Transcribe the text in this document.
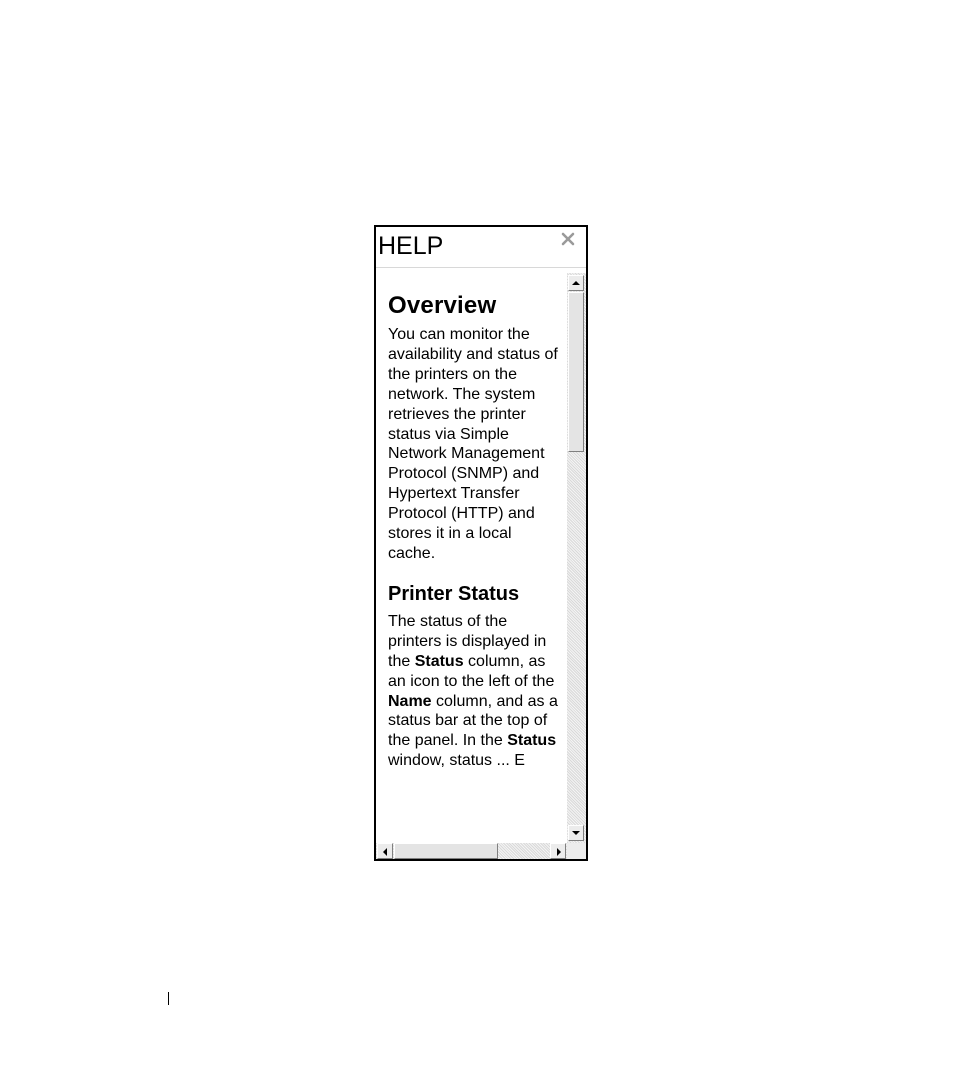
HELP
Overview

You can monitor the availability and status of the printers on the network. The system retrieves the printer status via Simple Network Management Protocol (SNMP) and Hypertext Transfer Protocol (HTTP) and stores it in a local cache.

Printer Status

The status of the printers is displayed in the Status column, as an icon to the left of the Name column, and as a status bar at the top of the panel. In the Status window, status ... E
